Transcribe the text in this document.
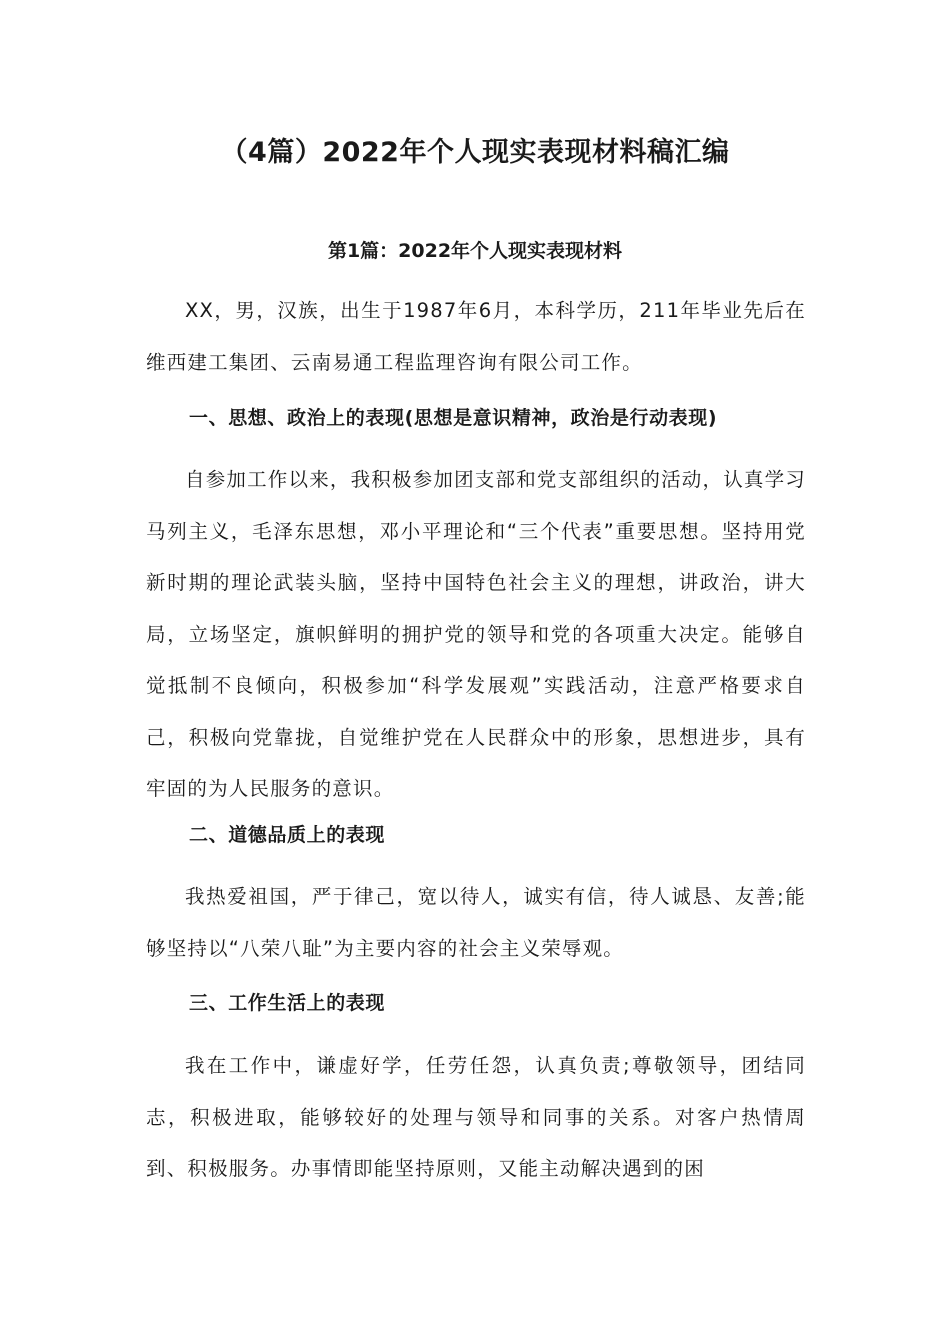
（4篇）2022年个人现实表现材料稿汇编
第1篇：2022年个人现实表现材料

XX，男，汉族，出生于1987年6月，本科学历，211年毕业先后在维西建工集团、云南易通工程监理咨询有限公司工作。

一、思想、政治上的表现(思想是意识精神，政治是行动表现)

自参加工作以来，我积极参加团支部和党支部组织的活动，认真学习马列主义，毛泽东思想，邓小平理论和“三个代表”重要思想。坚持用党新时期的理论武装头脑，坚持中国特色社会主义的理想，讲政治，讲大局，立场坚定，旗帜鲜明的拥护党的领导和党的各项重大决定。能够自觉抵制不良倾向，积极参加“科学发展观”实践活动，注意严格要求自己，积极向党靠拢，自觉维护党在人民群众中的形象，思想进步，具有牢固的为人民服务的意识。

二、道德品质上的表现

我热爱祖国，严于律己，宽以待人，诚实有信，待人诚恳、友善;能够坚持以“八荣八耻”为主要内容的社会主义荣辱观。

三、工作生活上的表现

我在工作中，谦虚好学，任劳任怨，认真负责;尊敬领导，团结同志，积极进取，能够较好的处理与领导和同事的关系。对客户热情周到、积极服务。办事情即能坚持原则，又能主动解决遇到的困
